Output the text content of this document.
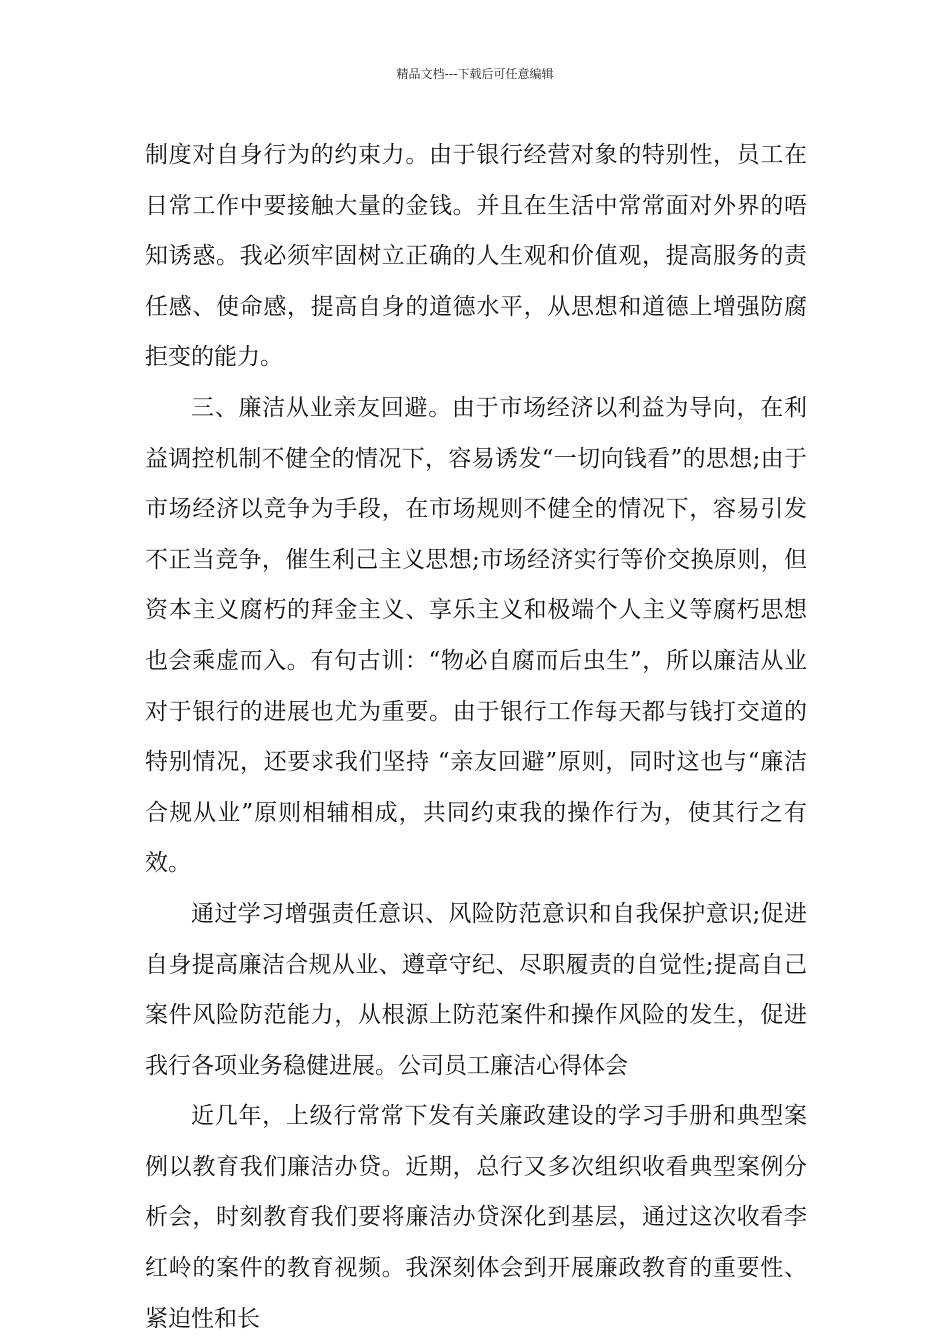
精品文档---下载后可任意编辑

制度对自身行为的约束力。由于银行经营对象的特别性，员工在日常工作中要接触大量的金钱。并且在生活中常常面对外界的唔知诱惑。我必须牢固树立正确的人生观和价值观，提高服务的责任感、使命感，提高自身的道德水平，从思想和道德上增强防腐拒变的能力。

三、廉洁从业亲友回避。由于市场经济以利益为导向，在利益调控机制不健全的情况下，容易诱发“一切向钱看”的思想;由于市场经济以竞争为手段，在市场规则不健全的情况下，容易引发不正当竞争，催生利己主义思想;市场经济实行等价交换原则，但资本主义腐朽的拜金主义、享乐主义和极端个人主义等腐朽思想也会乘虚而入。有句古训：“物必自腐而后虫生”，所以廉洁从业对于银行的进展也尤为重要。由于银行工作每天都与钱打交道的特别情况，还要求我们坚持 “亲友回避”原则，同时这也与“廉洁合规从业”原则相辅相成，共同约束我的操作行为，使其行之有效。

通过学习增强责任意识、风险防范意识和自我保护意识;促进自身提高廉洁合规从业、遵章守纪、尽职履责的自觉性;提高自己案件风险防范能力，从根源上防范案件和操作风险的发生，促进我行各项业务稳健进展。公司员工廉洁心得体会

近几年，上级行常常下发有关廉政建设的学习手册和典型案例以教育我们廉洁办贷。近期，总行又多次组织收看典型案例分析会，时刻教育我们要将廉洁办贷深化到基层，通过这次收看李红岭的案件的教育视频。我深刻体会到开展廉政教育的重要性、紧迫性和长
